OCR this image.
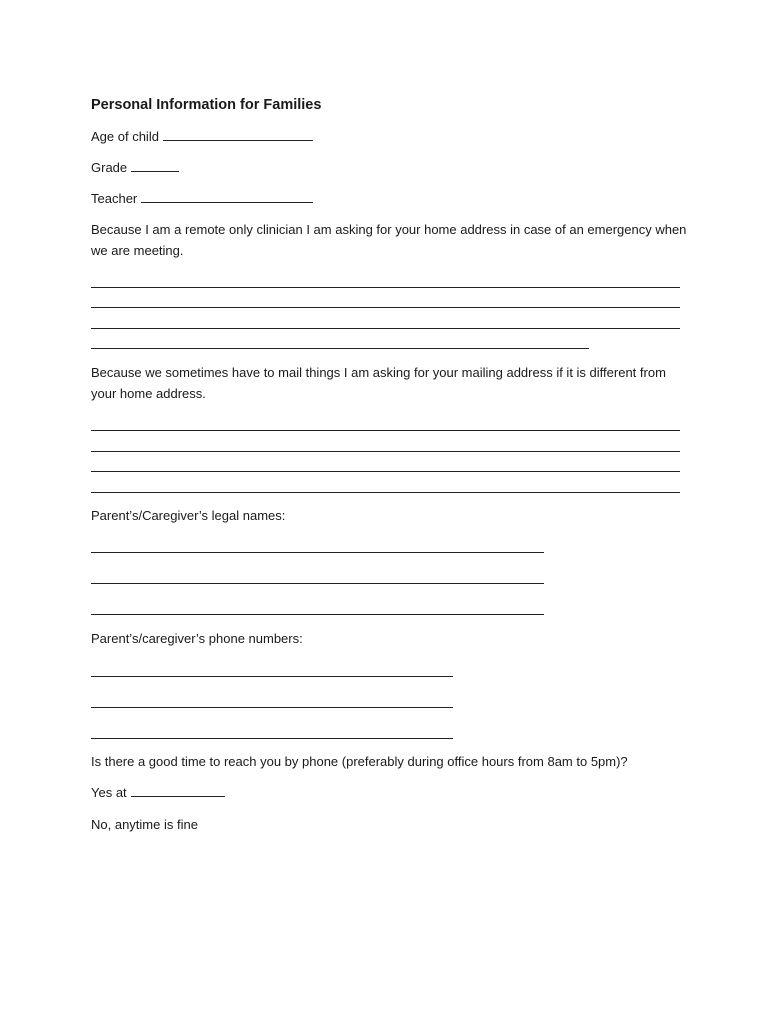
Personal Information for Families
Age of child
Grade
Teacher
Because I am a remote only clinician I am asking for your home address in case of an emergency when we are meeting.
Because we sometimes have to mail things I am asking for your mailing address if it is different from your home address.
Parent’s/Caregiver’s legal names:
Parent’s/caregiver’s phone numbers:
Is there a good time to reach you by phone (preferably during office hours from 8am to 5pm)?
Yes at
No, anytime is fine
